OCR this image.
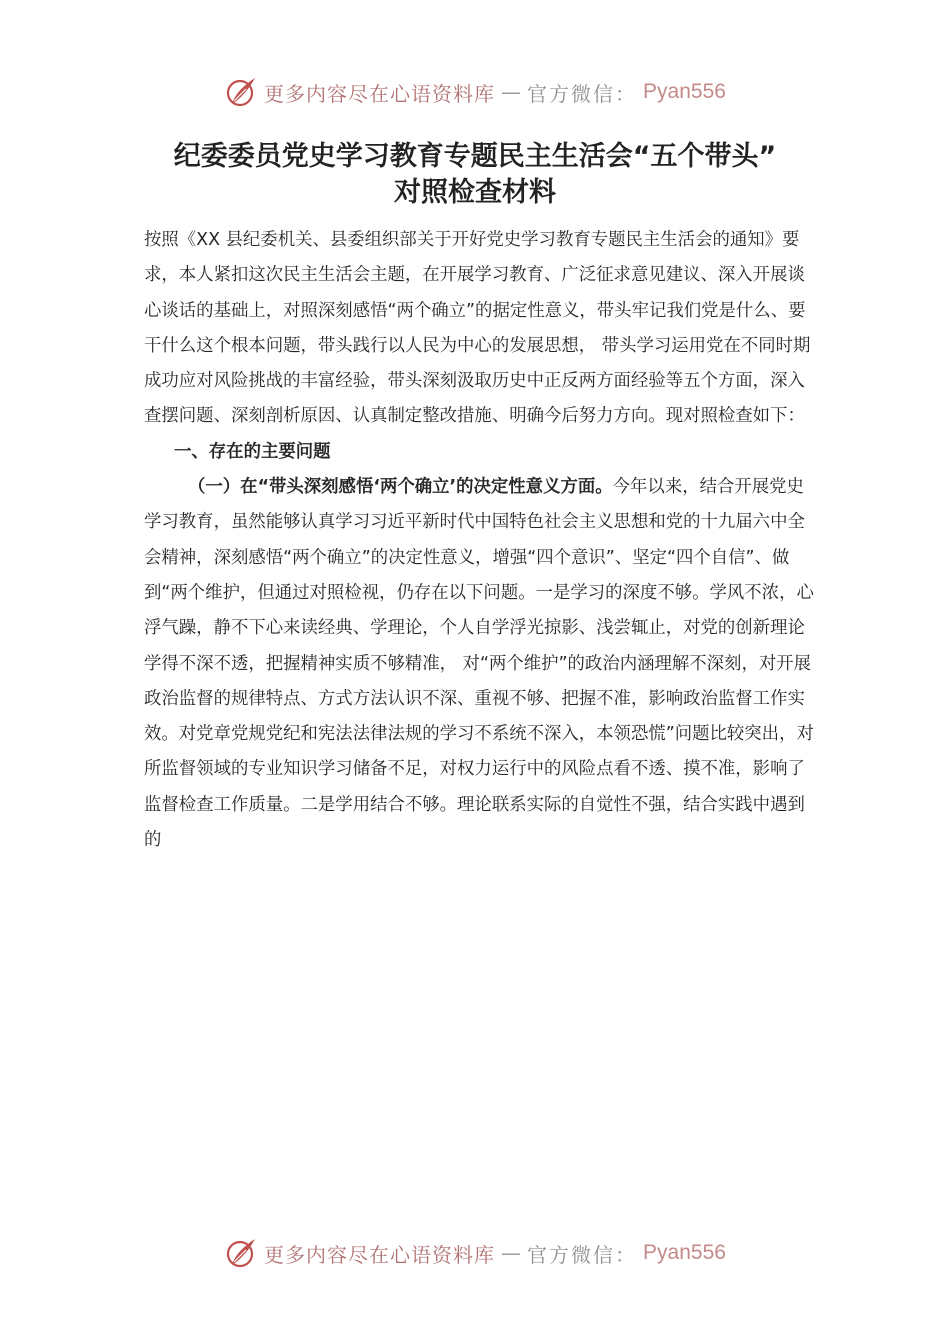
更多内容尽在心语资料库 — 官方微信： Pyan556
纪委委员党史学习教育专题民主生活会“五个带头”
对照检查材料

按照《XX 县纪委机关、县委组织部关于开好党史学习教育专题民主生活会的通知》要求，本人紧扣这次民主生活会主题，在开展学习教育、广泛征求意见建议、深入开展谈心谈话的基础上，对照深刻感悟“两个确立”的据定性意义，带头牢记我们党是什么、要干什么这个根本问题，带头践行以人民为中心的发展思想， 带头学习运用党在不同时期成功应对风险挑战的丰富经验，带头深刻汲取历史中正反两方面经验等五个方面，深入查摆问题、深刻剖析原因、认真制定整改措施、明确今后努力方向。现对照检查如下：

一、存在的主要问题

（一）在“带头深刻感悟‘两个确立’的决定性意义方面。今年以来，结合开展党史学习教育，虽然能够认真学习习近平新时代中国特色社会主义思想和党的十九届六中全会精神，深刻感悟“两个确立”的决定性意义，增强“四个意识”、坚定“四个自信”、做到“两个维护，但通过对照检视，仍存在以下问题。一是学习的深度不够。学风不浓，心浮气躁，静不下心来读经典、学理论，个人自学浮光掠影、浅尝辄止，对党的创新理论学得不深不透，把握精神实质不够精准， 对“两个维护”的政治内涵理解不深刻，对开展政治监督的规律特点、方式方法认识不深、重视不够、把握不准，影响政治监督工作实效。对党章党规党纪和宪法法律法规的学习不系统不深入，本领恐慌”问题比较突出，对所监督领域的专业知识学习储备不足，对权力运行中的风险点看不透、摸不准，影响了监督检查工作质量。二是学用结合不够。理论联系实际的自觉性不强，结合实践中遇到的

更多内容尽在心语资料库 — 官方微信： Pyan556
